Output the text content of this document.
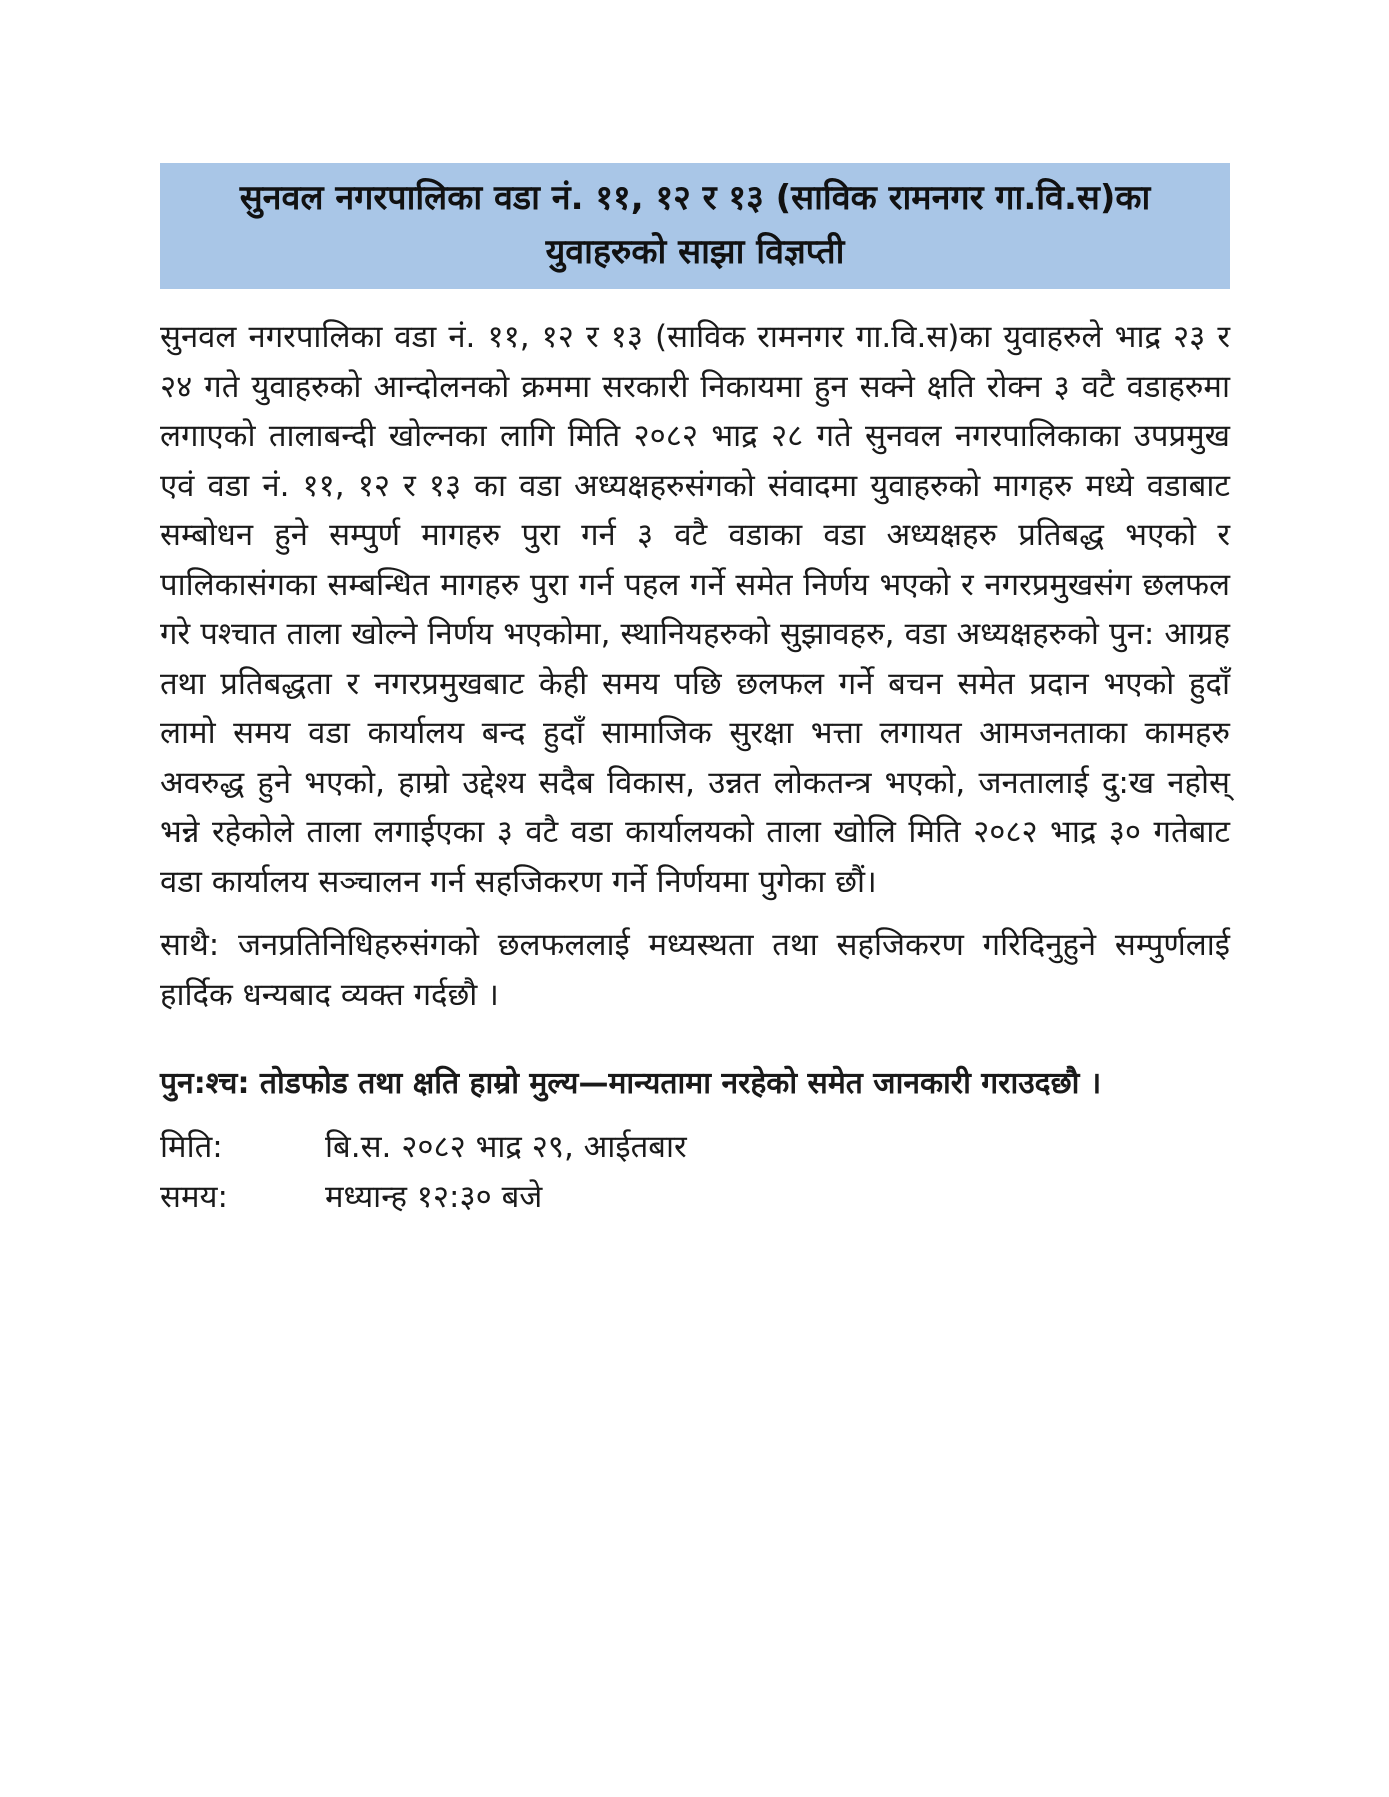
सुनवल नगरपालिका वडा नं. ११, १२ र १३ (साविक रामनगर गा.वि.स)का
युवाहरुको साझा विज्ञप्ती

सुनवल नगरपालिका वडा नं. ११, १२ र १३ (साविक रामनगर गा.वि.स)का युवाहरुले भाद्र २३ र २४ गते युवाहरुको आन्दोलनको क्रममा सरकारी निकायमा हुन सक्ने क्षति रोक्न ३ वटै वडाहरुमा लगाएको तालाबन्दी खोल्नका लागि मिति २०८२ भाद्र २८ गते सुनवल नगरपालिकाका उपप्रमुख एवं वडा नं. ११, १२ र १३ का वडा अध्यक्षहरुसंगको संवादमा युवाहरुको मागहरु मध्ये वडाबाट सम्बोधन हुने सम्पुर्ण मागहरु पुरा गर्न ३ वटै वडाका वडा अध्यक्षहरु प्रतिबद्ध भएको र पालिकासंगका सम्बन्धित मागहरु पुरा गर्न पहल गर्ने समेत निर्णय भएको र नगरप्रमुखसंग छलफल गरे पश्चात ताला खोल्ने निर्णय भएकोमा, स्थानियहरुको सुझावहरु, वडा अध्यक्षहरुको पुन: आग्रह तथा प्रतिबद्धता र नगरप्रमुखबाट केही समय पछि छलफल गर्ने बचन समेत प्रदान भएको हुदाँ लामो समय वडा कार्यालय बन्द हुदाँ सामाजिक सुरक्षा भत्ता लगायत आमजनताका कामहरु अवरुद्ध हुने भएको, हाम्रो उद्देश्य सदैब विकास, उन्नत लोकतन्त्र भएको, जनतालाई दु:ख नहोस् भन्ने रहेकोले ताला लगाईएका ३ वटै वडा कार्यालयको ताला खोलि मिति २०८२ भाद्र ३० गतेबाट वडा कार्यालय सञ्चालन गर्न सहजिकरण गर्ने निर्णयमा पुगेका छौं।

साथै: जनप्रतिनिधिहरुसंगको छलफललाई मध्यस्थता तथा सहजिकरण गरिदिनुहुने सम्पुर्णलाई हार्दिक धन्यबाद व्यक्त गर्दछौ ।

पुन:श्च: तोडफोड तथा क्षति हाम्रो मुल्य—मान्यतामा नरहेको समेत जानकारी गराउदछौ ।
मिति:	बि.स. २०८२ भाद्र २९, आईतबार
समय:	मध्यान्ह १२:३० बजे
